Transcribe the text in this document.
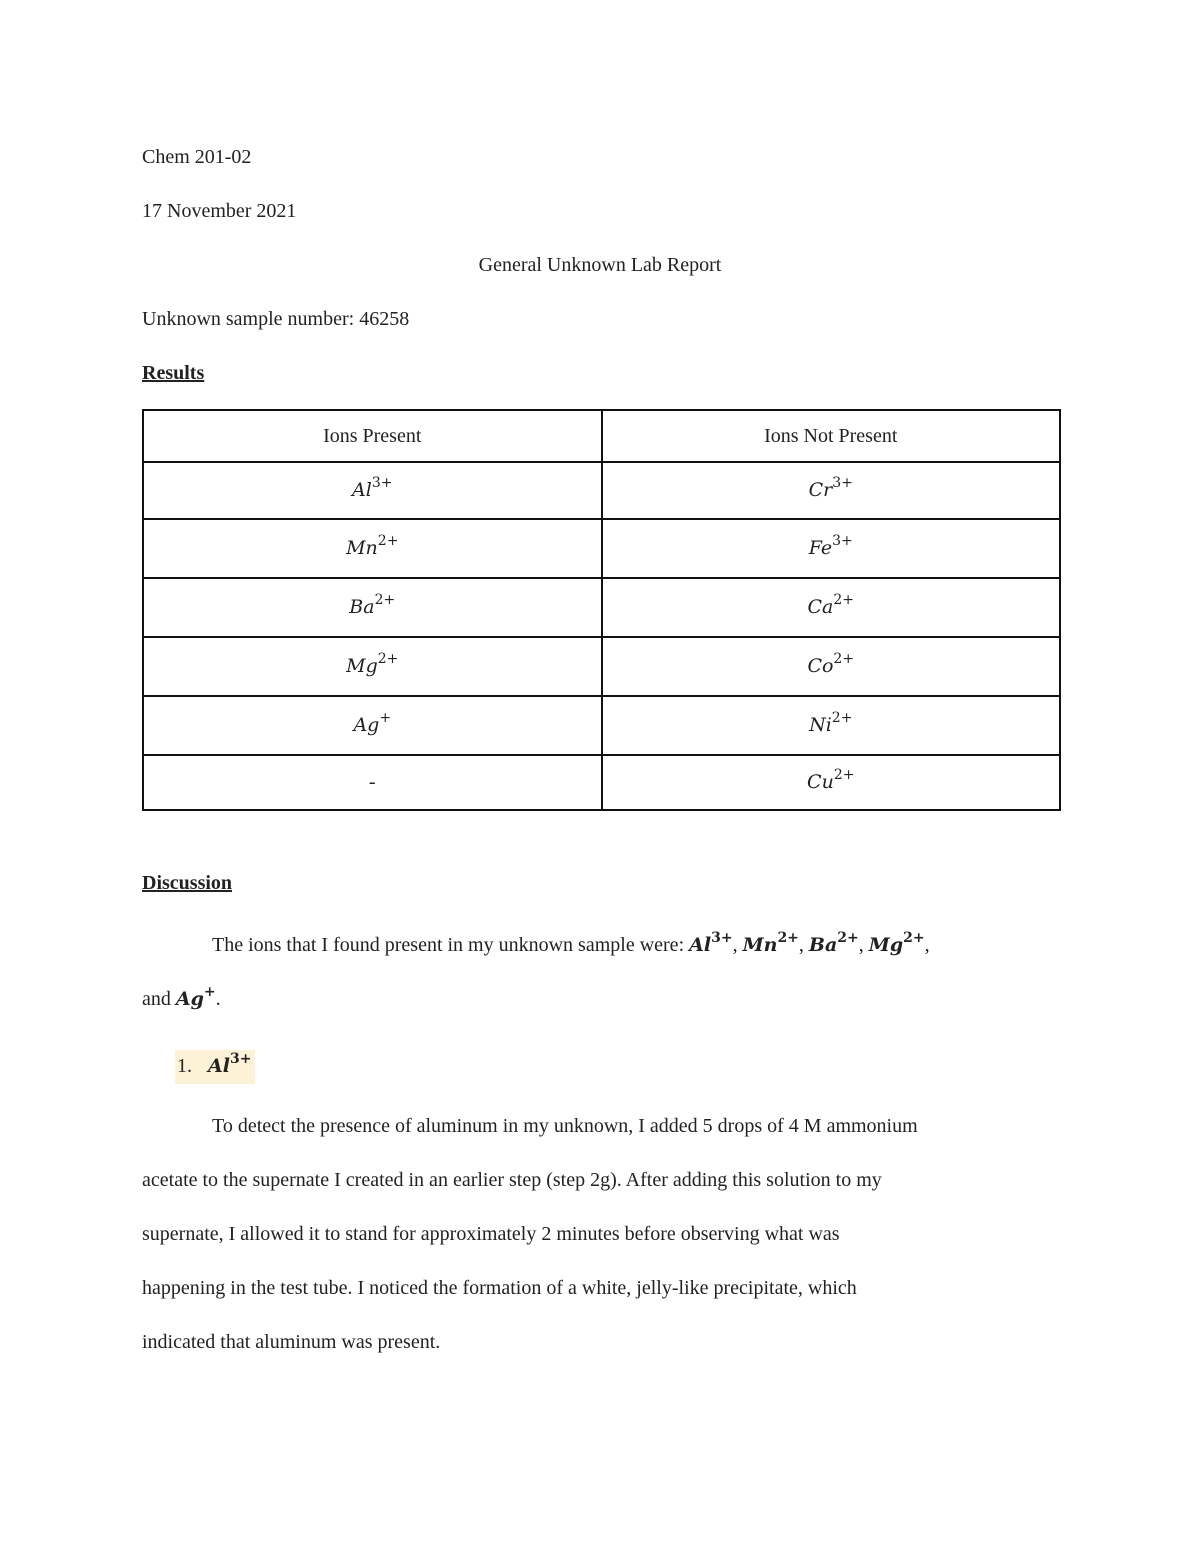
Chem 201-02
17 November 2021
General Unknown Lab Report
Unknown sample number: 46258
Results
Ions Present	Ions Not Present
$Al^{3+}$	$Cr^{3+}$
$Mn^{2+}$	$Fe^{3+}$
$Ba^{2+}$	$Ca^{2+}$
$Mg^{2+}$	$Co^{2+}$
Ag+	$Ni^{2+}$
-	$Cu^{2+}$
Discussion
The ions that I found present in my unknown sample were: $Al^{3+}$, $Mn^{2+}$, $Ba^{2+}$, $Mg^{2+}$,
and Ag+.
1. $Al^{3+}$
To detect the presence of aluminum in my unknown, I added 5 drops of 4 M ammonium
acetate to the supernate I created in an earlier step (step 2g). After adding this solution to my
supernate, I allowed it to stand for approximately 2 minutes before observing what was
happening in the test tube. I noticed the formation of a white, jelly-like precipitate, which
indicated that aluminum was present.
